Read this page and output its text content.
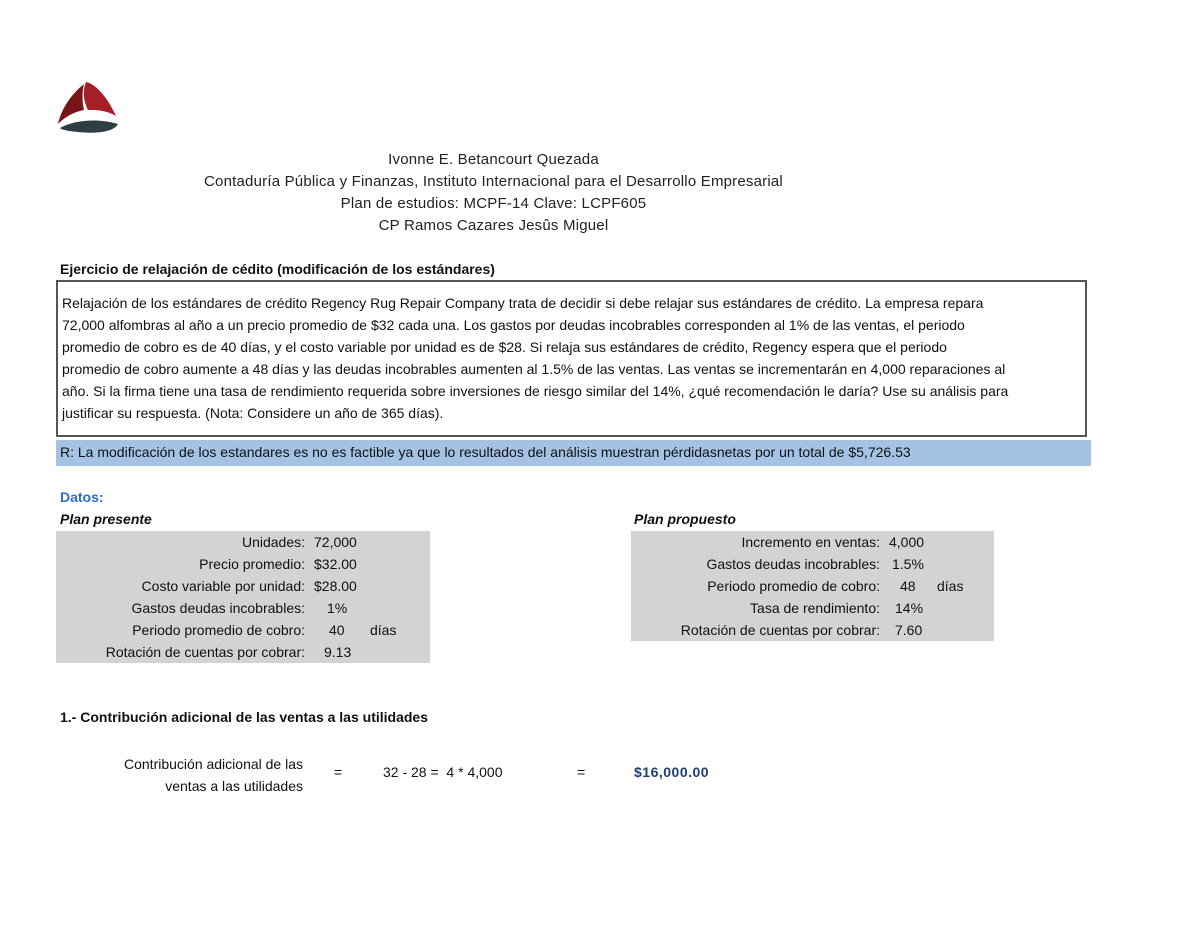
Ivonne E. Betancourt Quezada
Contaduría Pública y Finanzas, Instituto Internacional para el Desarrollo Empresarial
Plan de estudios: MCPF-14 Clave: LCPF605
CP Ramos Cazares Jesûs Miguel
Ejercicio de relajación de cédito (modificación de los estándares)
Relajación de los estándares de crédito Regency Rug Repair Company trata de decidir si debe relajar sus estándares de crédito. La empresa repara
72,000 alfombras al año a un precio promedio de $32 cada una. Los gastos por deudas incobrables corresponden al 1% de las ventas, el periodo
promedio de cobro es de 40 días, y el costo variable por unidad es de $28. Si relaja sus estándares de crédito, Regency espera que el periodo
promedio de cobro aumente a 48 días y las deudas incobrables aumenten al 1.5% de las ventas. Las ventas se incrementarán en 4,000 reparaciones al
año. Si la firma tiene una tasa de rendimiento requerida sobre inversiones de riesgo similar del 14%, ¿qué recomendación le daría? Use su análisis para
justificar su respuesta. (Nota: Considere un año de 365 días).
R: La modificación de los estandares es no es factible ya que lo resultados del análisis muestran pérdidasnetas por un total de $5,726.53
Datos:
Plan presente	Plan propuesto
Unidades: 72,000
Precio promedio: $32.00
Costo variable por unidad: $28.00
Gastos deudas incobrables: 1%
Periodo promedio de cobro: 40 días
Rotación de cuentas por cobrar: 9.13
Incremento en ventas: 4,000
Gastos deudas incobrables: 1.5%
Periodo promedio de cobro: 48 días
Tasa de rendimiento: 14%
Rotación de cuentas por cobrar: 7.60
1.- Contribución adicional de las ventas a las utilidades
Contribución adicional de las
ventas a las utilidades
=	32 - 28 =  4 * 4,000	=	$16,000.00
